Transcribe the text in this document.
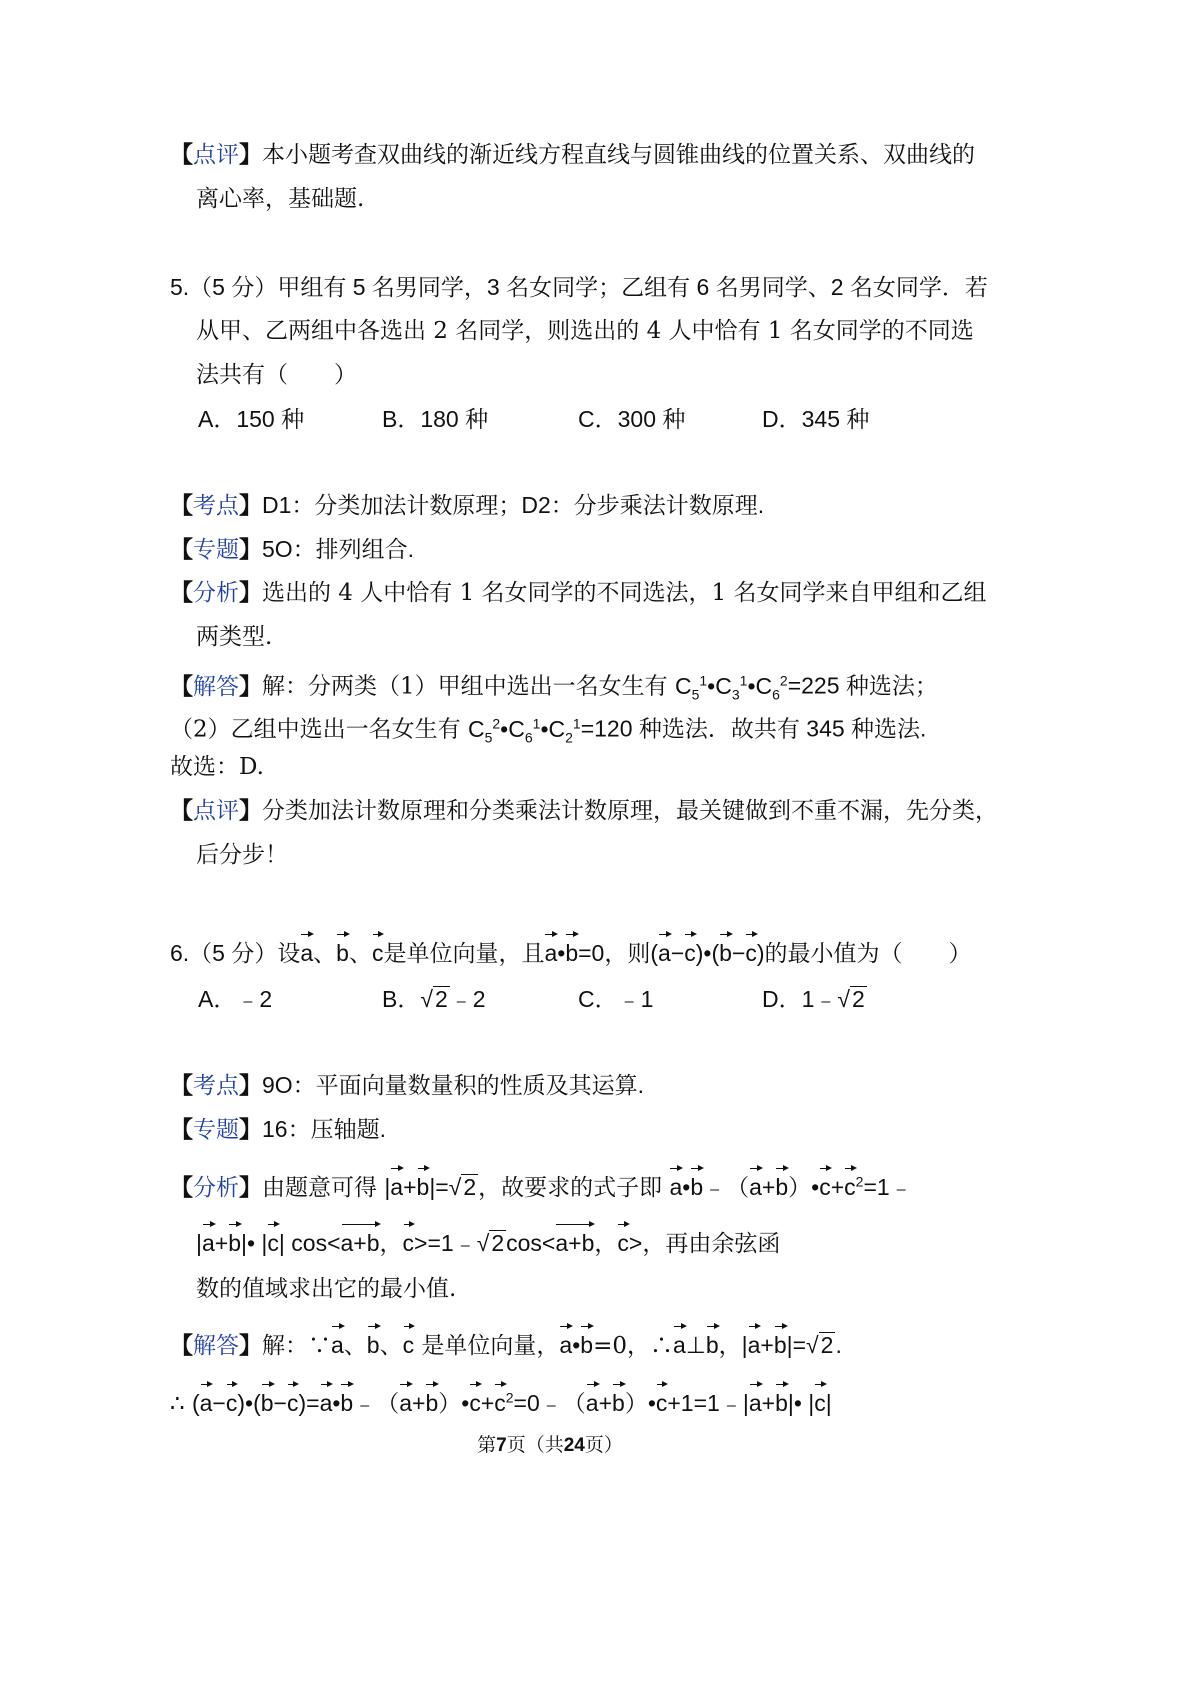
【点评】本小题考查双曲线的渐近线方程直线与圆锥曲线的位置关系、双曲线的
离心率，基础题.
5.（5 分）甲组有 5 名男同学，3 名女同学；乙组有 6 名男同学、2 名女同学．若
从甲、乙两组中各选出 2 名同学，则选出的 4 人中恰有 1 名女同学的不同选
法共有（　　）
A．150 种	B．180 种	C．300 种	D．345 种
【考点】D1：分类加法计数原理；D2：分步乘法计数原理.
【专题】5O：排列组合.
【分析】选出的 4 人中恰有 1 名女同学的不同选法，1 名女同学来自甲组和乙组
两类型.
【解答】解：分两类（1）甲组中选出一名女生有 $C_5^1•C_3^1•C_6^2=225$ 种选法；
（2）乙组中选出一名女生有 $C_5^2•C_6^1•C_2^1=120$ 种选法．故共有 345 种选法.
故选：D.
【点评】分类加法计数原理和分类乘法计数原理，最关键做到不重不漏，先分类，
后分步！
6.（5 分）设a、b、c是单位向量，且a•b=0，则(a−c)•(b−c)的最小值为（　　）
A．﹣2	B．√2﹣2	C．﹣1	D．1﹣√2
【考点】9O：平面向量数量积的性质及其运算.
【专题】16：压轴题.
【分析】由题意可得 |a+b|=√2，故要求的式子即 $a•b﹣(a+b)•c+c^2=1﹣$
|a+b|• |c| cos<a+b，c>=1﹣√2cos<a+b，c>，再由余弦函
数的值域求出它的最小值.
【解答】解：∵a、b、c 是单位向量，a•b=0，∴a⊥b，|a+b|=√2.
∴ $(a-c)•(b-c)=a•b﹣(a+b)•c+c^2=0﹣(a+b)•c+1=1﹣|a+b|•$ |c|
第7页（共24页）
